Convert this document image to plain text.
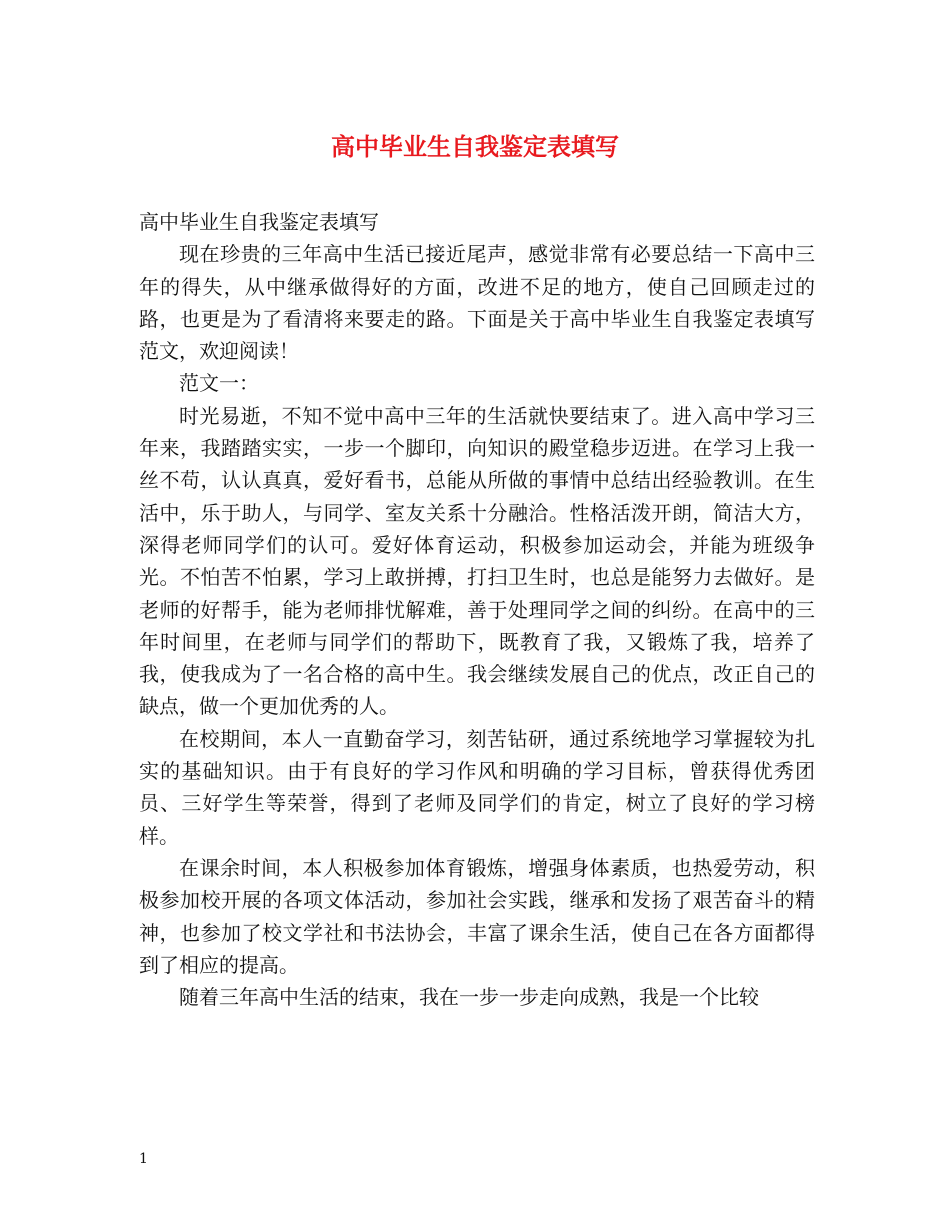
高中毕业生自我鉴定表填写

高中毕业生自我鉴定表填写

现在珍贵的三年高中生活已接近尾声，感觉非常有必要总结一下高中三年的得失，从中继承做得好的方面，改进不足的地方，使自己回顾走过的路，也更是为了看清将来要走的路。下面是关于高中毕业生自我鉴定表填写范文，欢迎阅读！

范文一：

时光易逝，不知不觉中高中三年的生活就快要结束了。进入高中学习三年来，我踏踏实实，一步一个脚印，向知识的殿堂稳步迈进。在学习上我一丝不苟，认认真真，爱好看书，总能从所做的事情中总结出经验教训。在生活中，乐于助人，与同学、室友关系十分融洽。性格活泼开朗，简洁大方，深得老师同学们的认可。爱好体育运动，积极参加运动会，并能为班级争光。不怕苦不怕累，学习上敢拼搏，打扫卫生时，也总是能努力去做好。是老师的好帮手，能为老师排忧解难，善于处理同学之间的纠纷。在高中的三年时间里，在老师与同学们的帮助下，既教育了我，又锻炼了我，培养了我，使我成为了一名合格的高中生。我会继续发展自己的优点，改正自己的缺点，做一个更加优秀的人。

在校期间，本人一直勤奋学习，刻苦钻研，通过系统地学习掌握较为扎实的基础知识。由于有良好的学习作风和明确的学习目标，曾获得优秀团员、三好学生等荣誉，得到了老师及同学们的肯定，树立了良好的学习榜样。

在课余时间，本人积极参加体育锻炼，增强身体素质，也热爱劳动，积极参加校开展的各项文体活动，参加社会实践，继承和发扬了艰苦奋斗的精神，也参加了校文学社和书法协会，丰富了课余生活，使自己在各方面都得到了相应的提高。

随着三年高中生活的结束，我在一步一步走向成熟，我是一个比较

1
